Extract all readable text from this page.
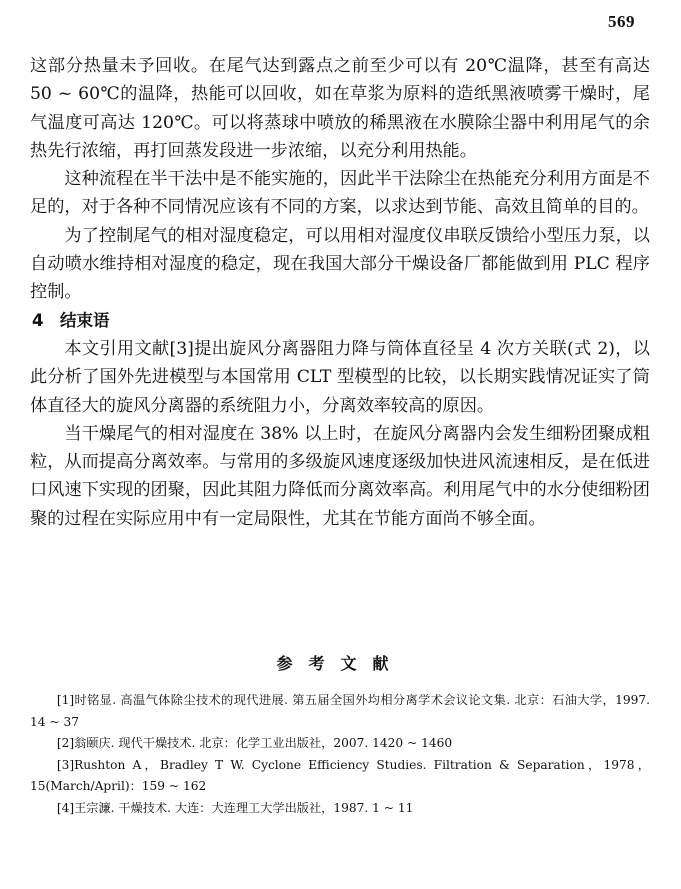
569

这部分热量未予回收。在尾气达到露点之前至少可以有 20℃温降，甚至有高达 50 ~ 60℃的温降，热能可以回收，如在草浆为原料的造纸黑液喷雾干燥时，尾气温度可高达 120℃。可以将蒸球中喷放的稀黑液在水膜除尘器中利用尾气的余热先行浓缩，再打回蒸发段进一步浓缩，以充分利用热能。

这种流程在半干法中是不能实施的，因此半干法除尘在热能充分利用方面是不足的，对于各种不同情况应该有不同的方案，以求达到节能、高效且简单的目的。

为了控制尾气的相对湿度稳定，可以用相对湿度仪串联反馈给小型压力泵，以自动喷水维持相对湿度的稳定，现在我国大部分干燥设备厂都能做到用 PLC 程序控制。

4 结束语

本文引用文献[3]提出旋风分离器阻力降与筒体直径呈 4 次方关联(式 2)，以此分析了国外先进模型与本国常用 CLT 型模型的比较，以长期实践情况证实了筒体直径大的旋风分离器的系统阻力小，分离效率较高的原因。

当干燥尾气的相对湿度在 38% 以上时，在旋风分离器内会发生细粉团聚成粗粒，从而提高分离效率。与常用的多级旋风速度逐级加快进风流速相反，是在低进口风速下实现的团聚，因此其阻力降低而分离效率高。利用尾气中的水分使细粉团聚的过程在实际应用中有一定局限性，尤其在节能方面尚不够全面。

参考文献

[1]时铭显. 高温气体除尘技术的现代进展. 第五届全国外均相分离学术会议论文集. 北京：石油大学，1997. 14 ~ 37

[2]翁颐庆. 现代干燥技术. 北京：化学工业出版社，2007. 1420 ~ 1460

[3]Rushton A，Bradley T W. Cyclone Efficiency Studies. Filtration & Separation，1978，15(March/April)：159 ~ 162

[4]王宗濂. 干燥技术. 大连：大连理工大学出版社，1987. 1 ~ 11
